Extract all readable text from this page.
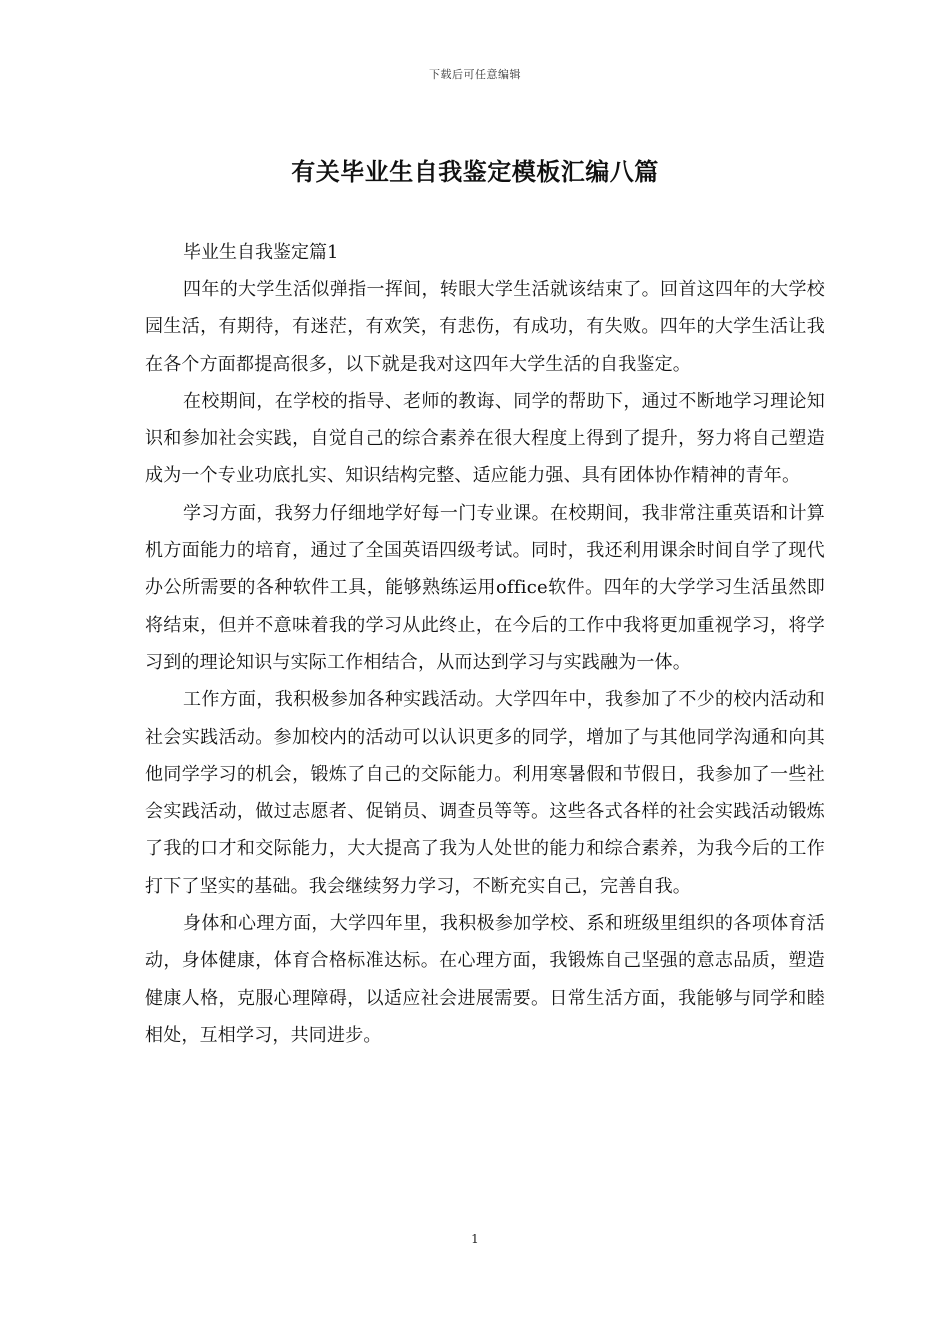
下载后可任意编辑
有关毕业生自我鉴定模板汇编八篇

毕业生自我鉴定篇1

四年的大学生活似弹指一挥间，转眼大学生活就该结束了。回首这四年的大学校园生活，有期待，有迷茫，有欢笑，有悲伤，有成功，有失败。四年的大学生活让我在各个方面都提高很多，以下就是我对这四年大学生活的自我鉴定。

在校期间，在学校的指导、老师的教诲、同学的帮助下，通过不断地学习理论知识和参加社会实践，自觉自己的综合素养在很大程度上得到了提升，努力将自己塑造成为一个专业功底扎实、知识结构完整、适应能力强、具有团体协作精神的青年。

学习方面，我努力仔细地学好每一门专业课。在校期间，我非常注重英语和计算机方面能力的培育，通过了全国英语四级考试。同时，我还利用课余时间自学了现代办公所需要的各种软件工具，能够熟练运用office软件。四年的大学学习生活虽然即将结束，但并不意味着我的学习从此终止，在今后的工作中我将更加重视学习，将学习到的理论知识与实际工作相结合，从而达到学习与实践融为一体。

工作方面，我积极参加各种实践活动。大学四年中，我参加了不少的校内活动和社会实践活动。参加校内的活动可以认识更多的同学，增加了与其他同学沟通和向其他同学学习的机会，锻炼了自己的交际能力。利用寒暑假和节假日，我参加了一些社会实践活动，做过志愿者、促销员、调查员等等。这些各式各样的社会实践活动锻炼了我的口才和交际能力，大大提高了我为人处世的能力和综合素养，为我今后的工作打下了坚实的基础。我会继续努力学习，不断充实自己，完善自我。

身体和心理方面，大学四年里，我积极参加学校、系和班级里组织的各项体育活动，身体健康，体育合格标准达标。在心理方面，我锻炼自己坚强的意志品质，塑造健康人格，克服心理障碍，以适应社会进展需要。日常生活方面，我能够与同学和睦相处，互相学习，共同进步。

1
